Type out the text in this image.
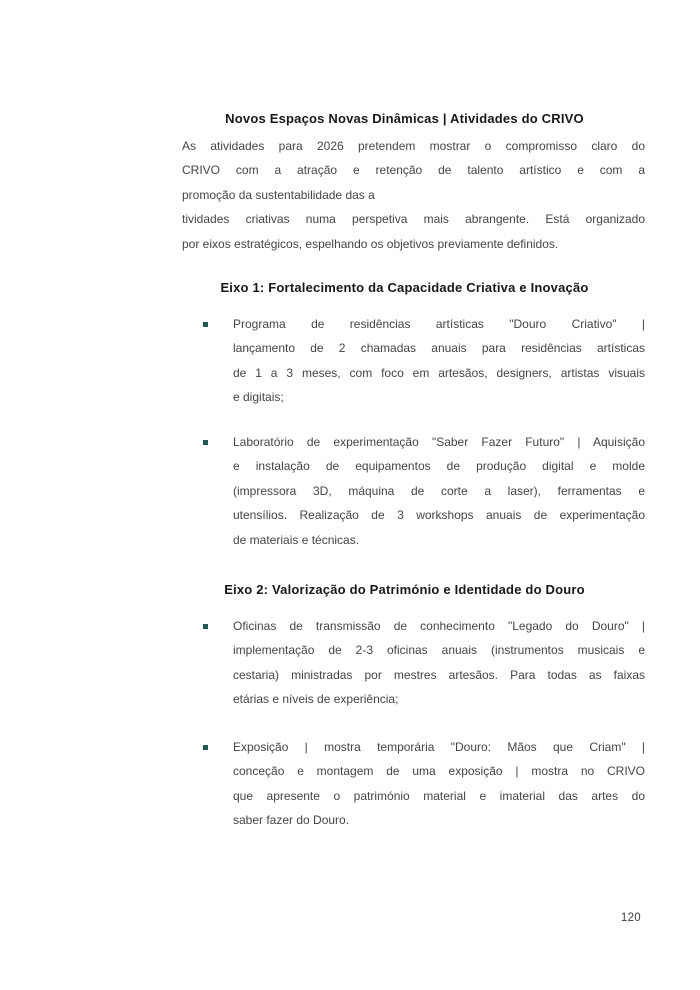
Novos Espaços Novas Dinâmicas | Atividades do CRIVO
As atividades para 2026 pretendem mostrar o compromisso claro do
CRIVO com a atração e retenção de talento artístico e com a
promoção da sustentabilidade das a
tividades criativas numa perspetiva mais abrangente. Está organizado
por eixos estratégicos, espelhando os objetivos previamente definidos.
Eixo 1: Fortalecimento da Capacidade Criativa e Inovação
Programa de residências artísticas "Douro Criativo" |
lançamento de 2 chamadas anuais para residências artísticas
de 1 a 3 meses, com foco em artesãos, designers, artistas visuais
e digitais;
Laboratório de experimentação "Saber Fazer Futuro" | Aquisição
e instalação de equipamentos de produção digital e molde
(impressora 3D, máquina de corte a laser), ferramentas e
utensílios. Realização de 3 workshops anuais de experimentação
de materiais e técnicas.
Eixo 2: Valorização do Património e Identidade do Douro
Oficinas de transmissão de conhecimento "Legado do Douro" |
implementação de 2-3 oficinas anuais (instrumentos musicais e
cestaria) ministradas por mestres artesãos. Para todas as faixas
etárias e níveis de experiência;
Exposição | mostra temporária "Douro: Mãos que Criam" |
conceção e montagem de uma exposição | mostra no CRIVO
que apresente o património material e imaterial das artes do
saber fazer do Douro.
120
